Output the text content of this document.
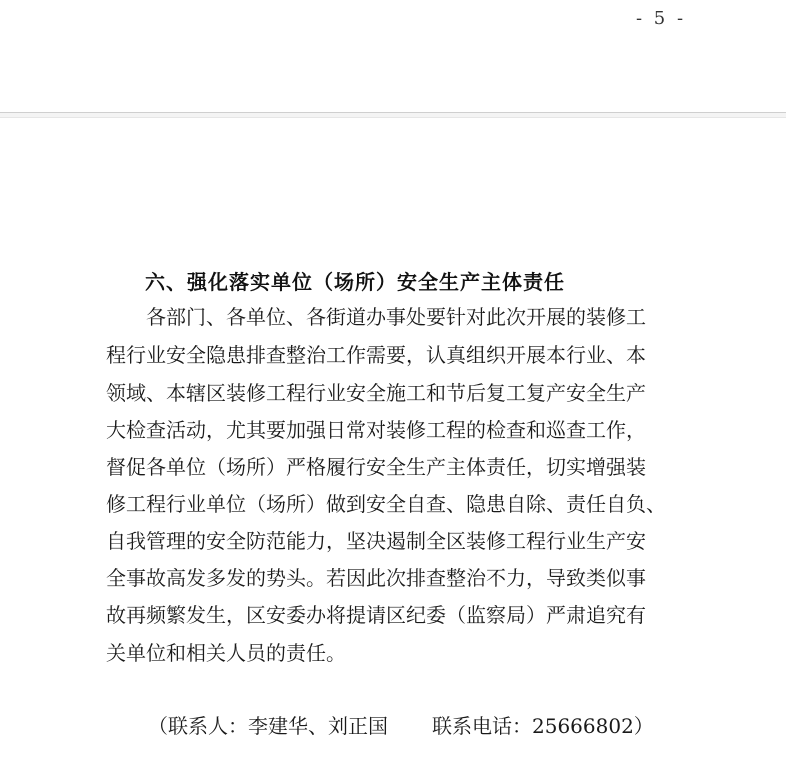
- 5 -
六、强化落实单位（场所）安全生产主体责任
各部门、各单位、各街道办事处要针对此次开展的装修工
程行业安全隐患排查整治工作需要，认真组织开展本行业、本
领域、本辖区装修工程行业安全施工和节后复工复产安全生产
大检查活动，尤其要加强日常对装修工程的检查和巡查工作，
督促各单位（场所）严格履行安全生产主体责任，切实增强装
修工程行业单位（场所）做到安全自查、隐患自除、责任自负、
自我管理的安全防范能力，坚决遏制全区装修工程行业生产安
全事故高发多发的势头。若因此次排查整治不力，导致类似事
故再频繁发生，区安委办将提请区纪委（监察局）严肃追究有
关单位和相关人员的责任。
（联系人：李建华、刘正国 联系电话：25666802）
